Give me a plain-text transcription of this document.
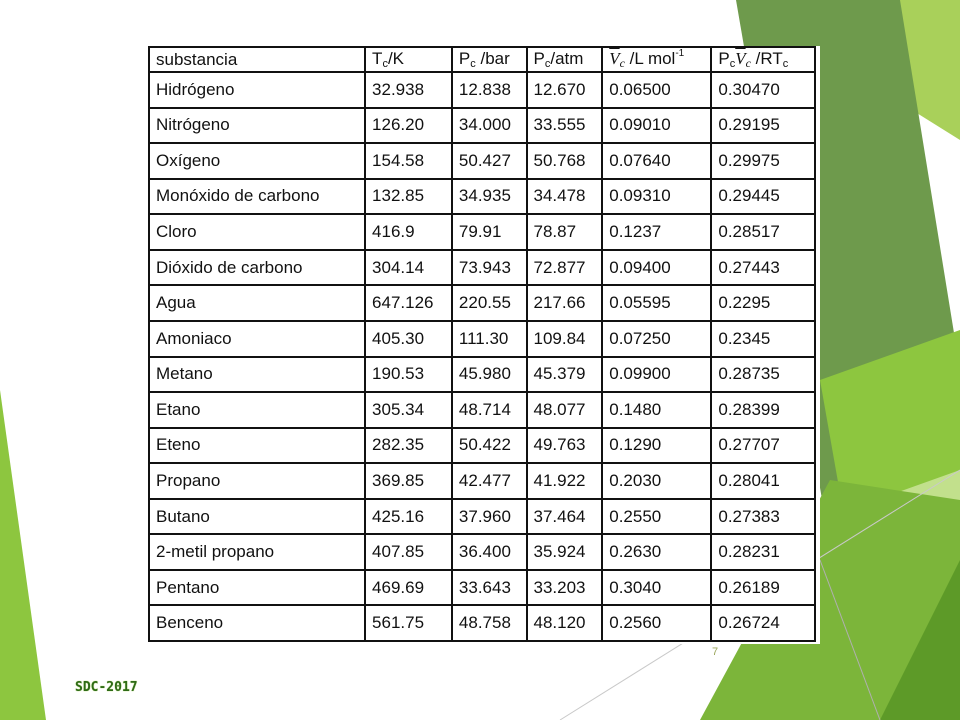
substancia	$T_c/K$	$P_c$ /bar	$P_c$/atm	$\overline{V}c$ /L mol$^{-1}$	$P_c\overline{V}c$ $/RT_c$
Hidrógeno	32.938	12.838	12.670	0.06500	0.30470
Nitrógeno	126.20	34.000	33.555	0.09010	0.29195
Oxígeno	154.58	50.427	50.768	0.07640	0.29975
Monóxido de carbono	132.85	34.935	34.478	0.09310	0.29445
Cloro	416.9	79.91	78.87	0.1237	0.28517
Dióxido de carbono	304.14	73.943	72.877	0.09400	0.27443
Agua	647.126	220.55	217.66	0.05595	0.2295
Amoniaco	405.30	111.30	109.84	0.07250	0.2345
Metano	190.53	45.980	45.379	0.09900	0.28735
Etano	305.34	48.714	48.077	0.1480	0.28399
Eteno	282.35	50.422	49.763	0.1290	0.27707
Propano	369.85	42.477	41.922	0.2030	0.28041
Butano	425.16	37.960	37.464	0.2550	0.27383
2-metil propano	407.85	36.400	35.924	0.2630	0.28231
Pentano	469.69	33.643	33.203	0.3040	0.26189
Benceno	561.75	48.758	48.120	0.2560	0.26724
7
SDC-2017
